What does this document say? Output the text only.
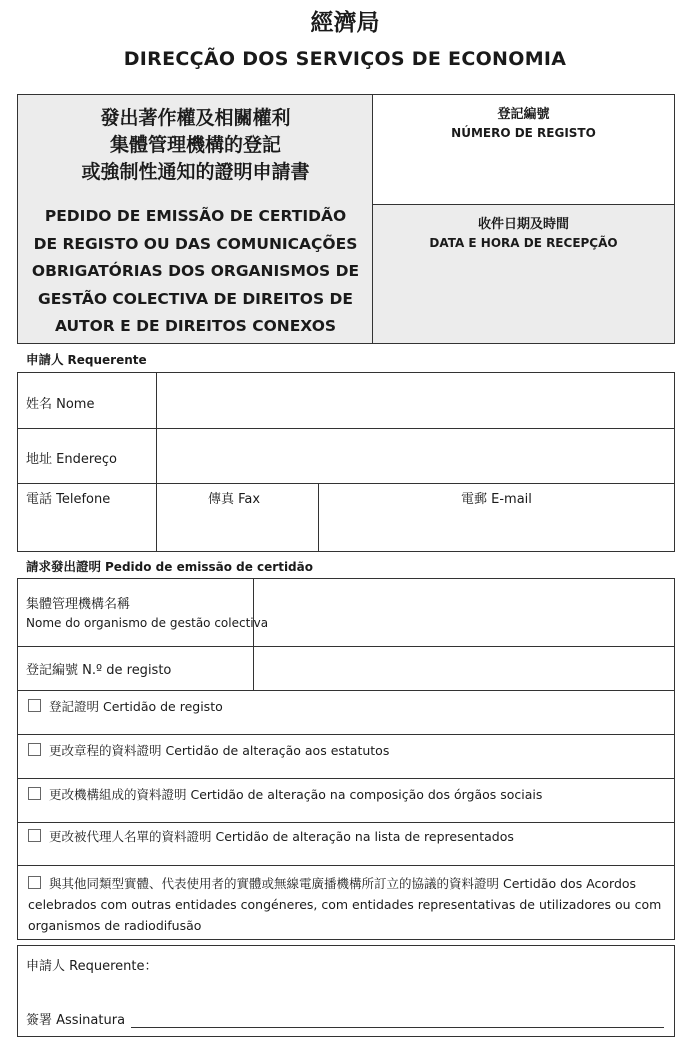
經濟局
DIRECÇÃO DOS SERVIÇOS DE ECONOMIA
發出著作權及相關權利
集體管理機構的登記
或強制性通知的證明申請書
PEDIDO DE EMISSÃO DE CERTIDÃO
DE REGISTO OU DAS COMUNICAÇÕES
OBRIGATÓRIAS DOS ORGANISMOS DE
GESTÃO COLECTIVA DE DIREITOS DE
AUTOR E DE DIREITOS CONEXOS
登記編號
NÚMERO DE REGISTO
收件日期及時間
DATA E HORA DE RECEPÇÃO
申請人 Requerente
姓名 Nome
地址 Endereço
電話 Telefone	傳真 Fax	電郵 E-mail
請求發出證明 Pedido de emissão de certidão
集體管理機構名稱
Nome do organismo de gestão colectiva
登記編號 N.º de registo
登記證明 Certidão de registo
更改章程的資料證明 Certidão de alteração aos estatutos
更改機構組成的資料證明 Certidão de alteração na composição dos órgãos sociais
更改被代理人名單的資料證明 Certidão de alteração na lista de representados
與其他同類型實體、代表使用者的實體或無線電廣播機構所訂立的協議的資料證明 Certidão dos Acordos celebrados com outras entidades congéneres, com entidades representativas de utilizadores ou com organismos de radiodifusão
申請人 Requerente：
簽署 Assinatura
